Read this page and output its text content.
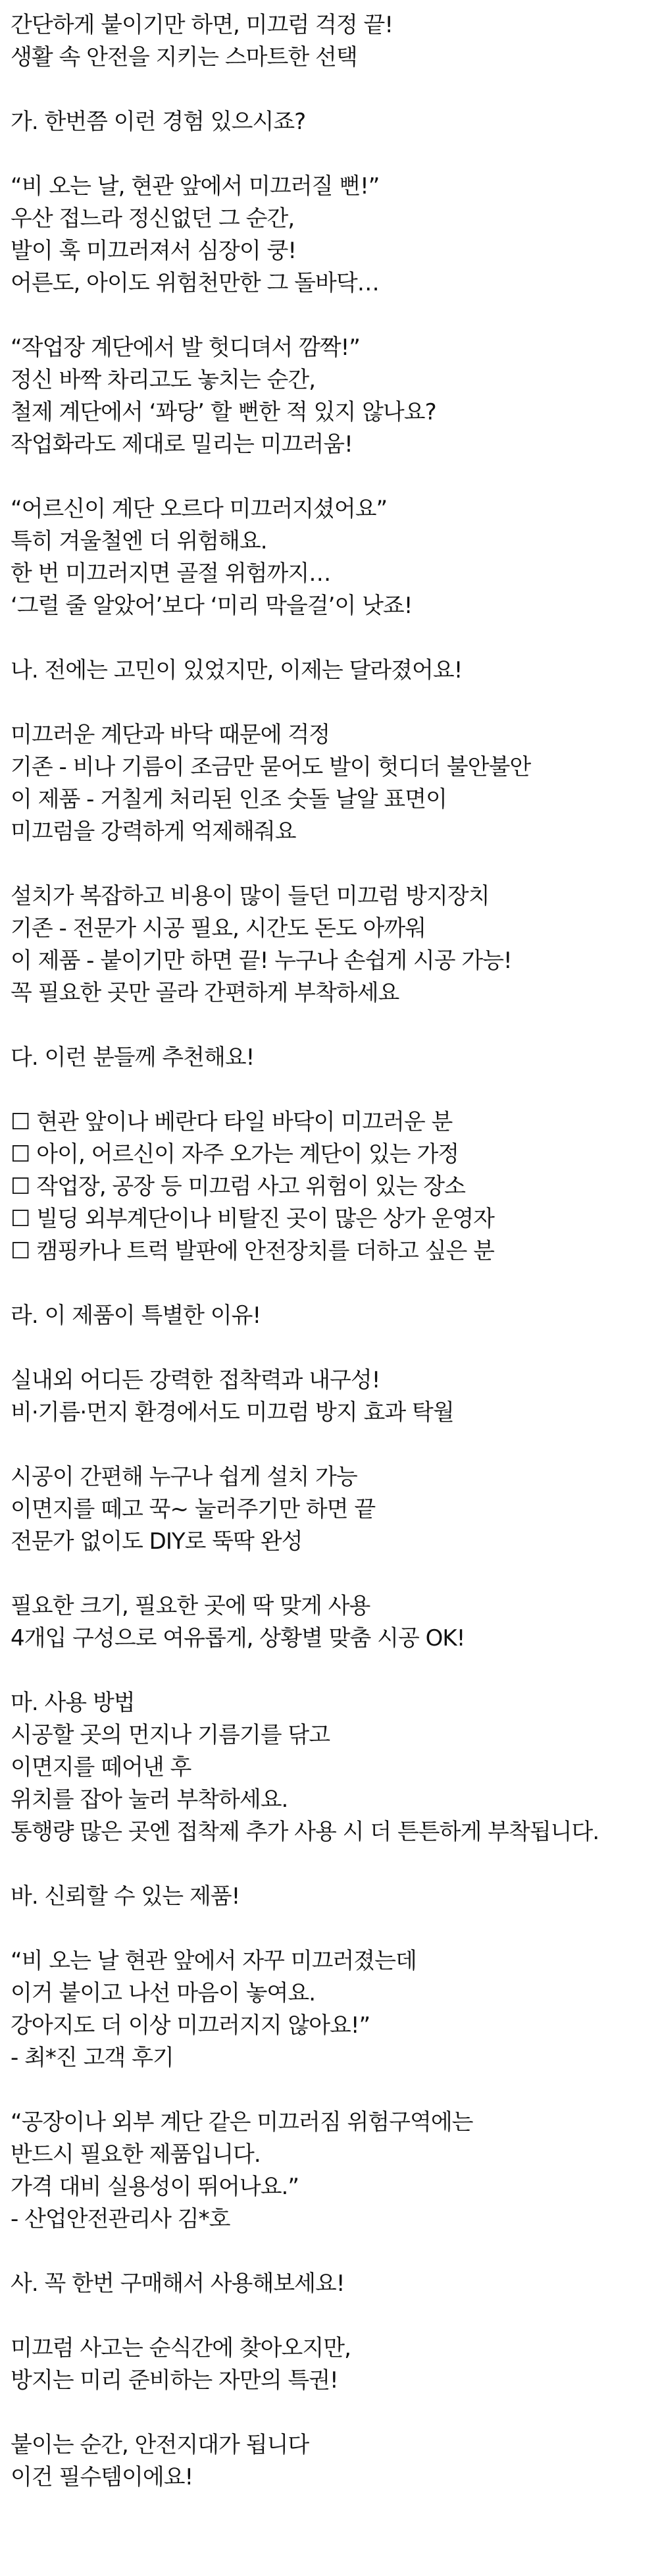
간단하게 붙이기만 하면, 미끄럼 걱정 끝!
생활 속 안전을 지키는 스마트한 선택
가. 한번쯤 이런 경험 있으시죠?
“비 오는 날, 현관 앞에서 미끄러질 뻔!”
우산 접느라 정신없던 그 순간,
발이 훅 미끄러져서 심장이 쿵!
어른도, 아이도 위험천만한 그 돌바닥…
“작업장 계단에서 발 헛디뎌서 깜짝!”
정신 바짝 차리고도 놓치는 순간,
철제 계단에서 ‘꽈당’ 할 뻔한 적 있지 않나요?
작업화라도 제대로 밀리는 미끄러움!
“어르신이 계단 오르다 미끄러지셨어요”
특히 겨울철엔 더 위험해요.
한 번 미끄러지면 골절 위험까지…
‘그럴 줄 알았어’보다 ‘미리 막을걸’이 낫죠!
나. 전에는 고민이 있었지만, 이제는 달라졌어요!
미끄러운 계단과 바닥 때문에 걱정
기존 - 비나 기름이 조금만 묻어도 발이 헛디더 불안불안
이 제품 - 거칠게 처리된 인조 숫돌 날알 표면이
미끄럼을 강력하게 억제해줘요
설치가 복잡하고 비용이 많이 들던 미끄럼 방지장치
기존 - 전문가 시공 필요, 시간도 돈도 아까워
이 제품 - 붙이기만 하면 끝! 누구나 손쉽게 시공 가능!
꼭 필요한 곳만 골라 간편하게 부착하세요
다. 이런 분들께 추천해요!
☐ 현관 앞이나 베란다 타일 바닥이 미끄러운 분
☐ 아이, 어르신이 자주 오가는 계단이 있는 가정
☐ 작업장, 공장 등 미끄럼 사고 위험이 있는 장소
☐ 빌딩 외부계단이나 비탈진 곳이 많은 상가 운영자
☐ 캠핑카나 트럭 발판에 안전장치를 더하고 싶은 분
라. 이 제품이 특별한 이유!
실내외 어디든 강력한 접착력과 내구성!
비·기름·먼지 환경에서도 미끄럼 방지 효과 탁월
시공이 간편해 누구나 쉽게 설치 가능
이면지를 떼고 꾹~ 눌러주기만 하면 끝
전문가 없이도 DIY로 뚝딱 완성
필요한 크기, 필요한 곳에 딱 맞게 사용
4개입 구성으로 여유롭게, 상황별 맞춤 시공 OK!
마. 사용 방법
시공할 곳의 먼지나 기름기를 닦고
이면지를 떼어낸 후
위치를 잡아 눌러 부착하세요.
통행량 많은 곳엔 접착제 추가 사용 시 더 튼튼하게 부착됩니다.
바. 신뢰할 수 있는 제품!
“비 오는 날 현관 앞에서 자꾸 미끄러졌는데
이거 붙이고 나선 마음이 놓여요.
강아지도 더 이상 미끄러지지 않아요!”
- 최*진 고객 후기
“공장이나 외부 계단 같은 미끄러짐 위험구역에는
반드시 필요한 제품입니다.
가격 대비 실용성이 뛰어나요.”
- 산업안전관리사 김*호
사. 꼭 한번 구매해서 사용해보세요!
미끄럼 사고는 순식간에 찾아오지만,
방지는 미리 준비하는 자만의 특권!
붙이는 순간, 안전지대가 됩니다
이건 필수템이에요!
